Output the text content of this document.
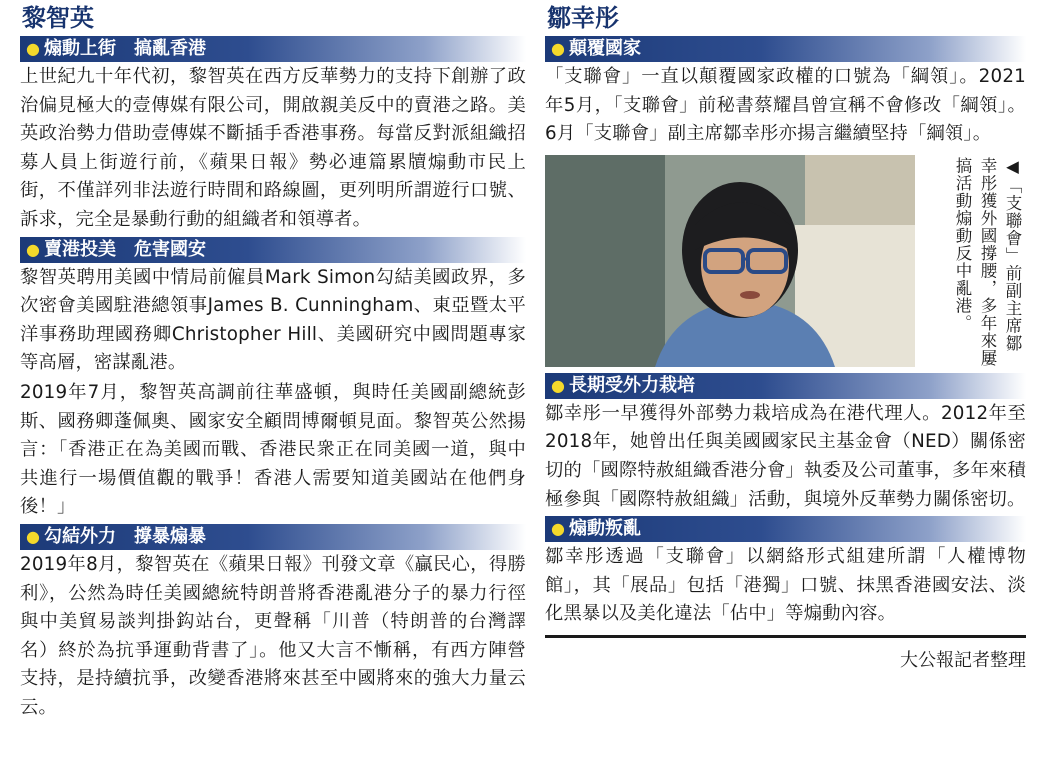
黎智英
● 煽動上街　搞亂香港

上世紀九十年代初，黎智英在西方反華勢力的支持下創辦了政治偏見極大的壹傳媒有限公司，開啟親美反中的賣港之路。美英政治勢力借助壹傳媒不斷插手香港事務。每當反對派組織招募人員上街遊行前，《蘋果日報》勢必連篇累牘煽動市民上街，不僅詳列非法遊行時間和路線圖，更列明所謂遊行口號、訴求，完全是暴動行動的組織者和領導者。

● 賣港投美　危害國安

黎智英聘用美國中情局前僱員Mark Simon勾結美國政界，多次密會美國駐港總領事James B. Cunningham、東亞暨太平洋事務助理國務卿Christopher Hill、美國研究中國問題專家等高層，密謀亂港。

2019年7月，黎智英高調前往華盛頓，與時任美國副總統彭斯、國務卿蓬佩奧、國家安全顧問博爾頓見面。黎智英公然揚言：「香港正在為美國而戰、香港民衆正在同美國一道，與中共進行一場價值觀的戰爭！香港人需要知道美國站在他們身後！」

● 勾結外力　撐暴煽暴

2019年8月，黎智英在《蘋果日報》刊發文章《贏民心，得勝利》，公然為時任美國總統特朗普將香港亂港分子的暴力行徑與中美貿易談判掛鈎站台，更聲稱「川普（特朗普的台灣譯名）終於為抗爭運動背書了」。他又大言不慚稱，有西方陣營支持，是持續抗爭，改變香港將來甚至中國將來的強大力量云云。

鄒幸彤
● 顛覆國家

「支聯會」一直以顛覆國家政權的口號為「綱領」。2021年5月，「支聯會」前秘書蔡耀昌曾宣稱不會修改「綱領」。6月「支聯會」副主席鄒幸彤亦揚言繼續堅持「綱領」。

◀「支聯會」前副主席鄒幸彤獲外國撐腰，多年來屢搞活動煽動反中亂港。
● 長期受外力栽培

鄒幸彤一早獲得外部勢力栽培成為在港代理人。2012年至2018年，她曾出任與美國國家民主基金會（NED）關係密切的「國際特赦組織香港分會」執委及公司董事，多年來積極參與「國際特赦組織」活動，與境外反華勢力關係密切。

● 煽動叛亂

鄒幸彤透過「支聯會」以網絡形式組建所謂「人權博物館」，其「展品」包括「港獨」口號、抹黑香港國安法、淡化黑暴以及美化違法「佔中」等煽動內容。

大公報記者整理
